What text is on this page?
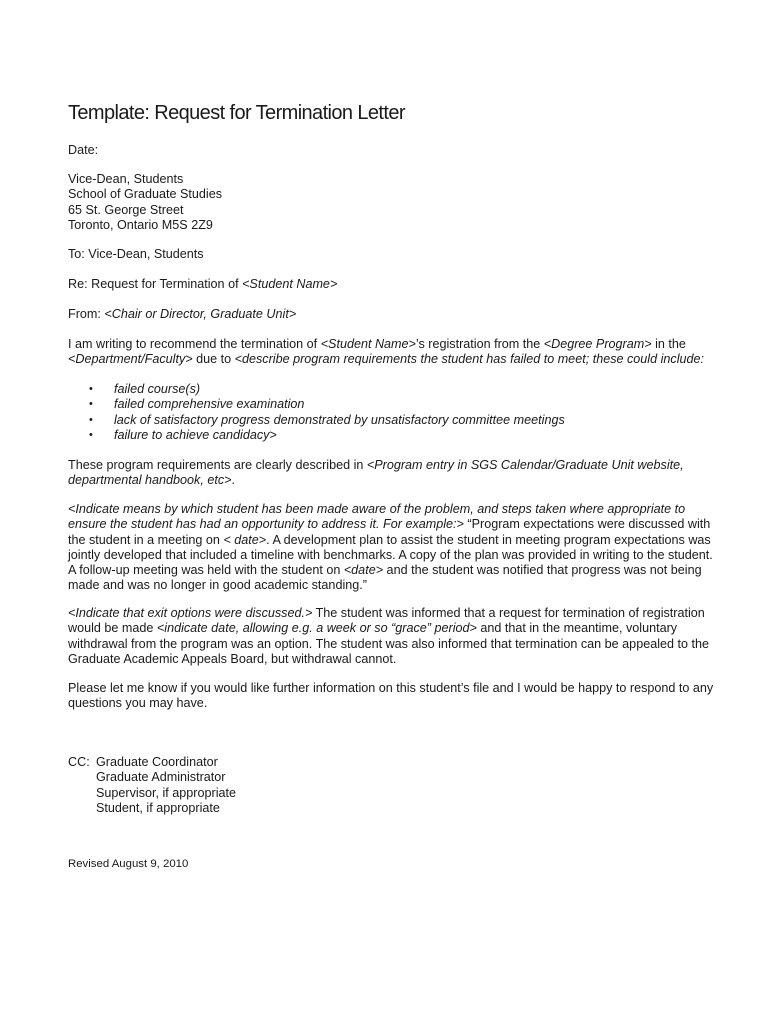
Template: Request for Termination Letter
Date:
Vice-Dean, Students
School of Graduate Studies
65 St. George Street
Toronto, Ontario M5S 2Z9
To: Vice-Dean, Students
Re: Request for Termination of <Student Name>
From: <Chair or Director, Graduate Unit>
I am writing to recommend the termination of <Student Name>’s registration from the <Degree Program> in the
<Department/Faculty> due to <describe program requirements the student has failed to meet; these could include:
• failed course(s)
• failed comprehensive examination
• lack of satisfactory progress demonstrated by unsatisfactory committee meetings
• failure to achieve candidacy>
These program requirements are clearly described in <Program entry in SGS Calendar/Graduate Unit website,
departmental handbook, etc>.
<Indicate means by which student has been made aware of the problem, and steps taken where appropriate to
ensure the student has had an opportunity to address it. For example:> “Program expectations were discussed with
the student in a meeting on < date>. A development plan to assist the student in meeting program expectations was
jointly developed that included a timeline with benchmarks. A copy of the plan was provided in writing to the student.
A follow-up meeting was held with the student on <date> and the student was notified that progress was not being
made and was no longer in good academic standing.”
<Indicate that exit options were discussed.> The student was informed that a request for termination of registration
would be made <indicate date, allowing e.g. a week or so “grace” period> and that in the meantime, voluntary
withdrawal from the program was an option. The student was also informed that termination can be appealed to the
Graduate Academic Appeals Board, but withdrawal cannot.
Please let me know if you would like further information on this student’s file and I would be happy to respond to any
questions you may have.
CC: Graduate Coordinator
Graduate Administrator
Supervisor, if appropriate
Student, if appropriate
Revised August 9, 2010
